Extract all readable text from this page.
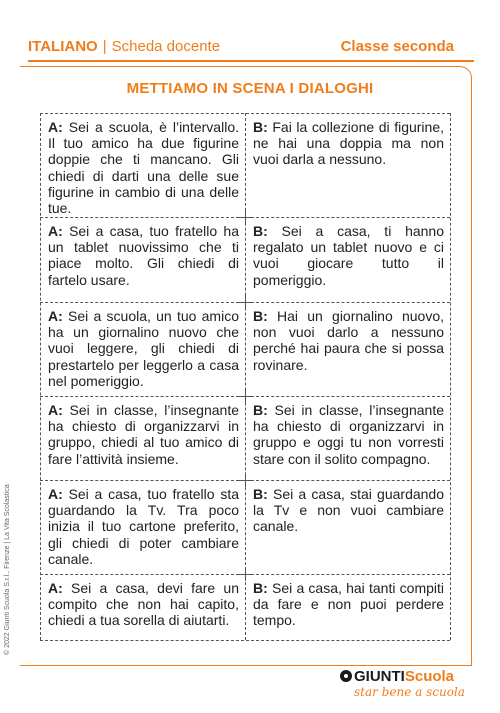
ITALIANO | Scheda docente	Classe seconda
METTIAMO IN SCENA I DIALOGHI
A: Sei a scuola, è l’intervallo. Il tuo amico ha due figurine doppie che ti mancano. Gli chiedi di darti una delle sue figurine in cambio di una delle tue.
B: Fai la collezione di figurine, ne hai una doppia ma non vuoi darla a nessuno.
A: Sei a casa, tuo fratello ha un tablet nuovissimo che ti piace molto. Gli chiedi di fartelo usare.
B: Sei a casa, ti hanno regalato un tablet nuovo e ci vuoi giocare tutto il pomeriggio.
A: Sei a scuola, un tuo amico ha un giornalino nuovo che vuoi leggere, gli chiedi di prestartelo per leggerlo a casa nel pomeriggio.
B: Hai un giornalino nuovo, non vuoi darlo a nessuno perché hai paura che si possa rovinare.
A: Sei in classe, l’insegnante ha chiesto di organizzarvi in gruppo, chiedi al tuo amico di fare l’attività insieme.
B: Sei in classe, l’insegnante ha chiesto di organizzarvi in gruppo e oggi tu non vorresti stare con il solito compagno.
A: Sei a casa, tuo fratello sta guardando la Tv. Tra poco inizia il tuo cartone preferito, gli chiedi di poter cambiare canale.
B: Sei a casa, stai guardando la Tv e non vuoi cambiare canale.
A: Sei a casa, devi fare un compito che non hai capito, chiedi a tua sorella di aiutarti.
B: Sei a casa, hai tanti compiti da fare e non puoi perdere tempo.
© 2022 Giunti Scuola S.r.l., Firenze | La Vita Scolastica
GIUNTIScuola
star bene a scuola
